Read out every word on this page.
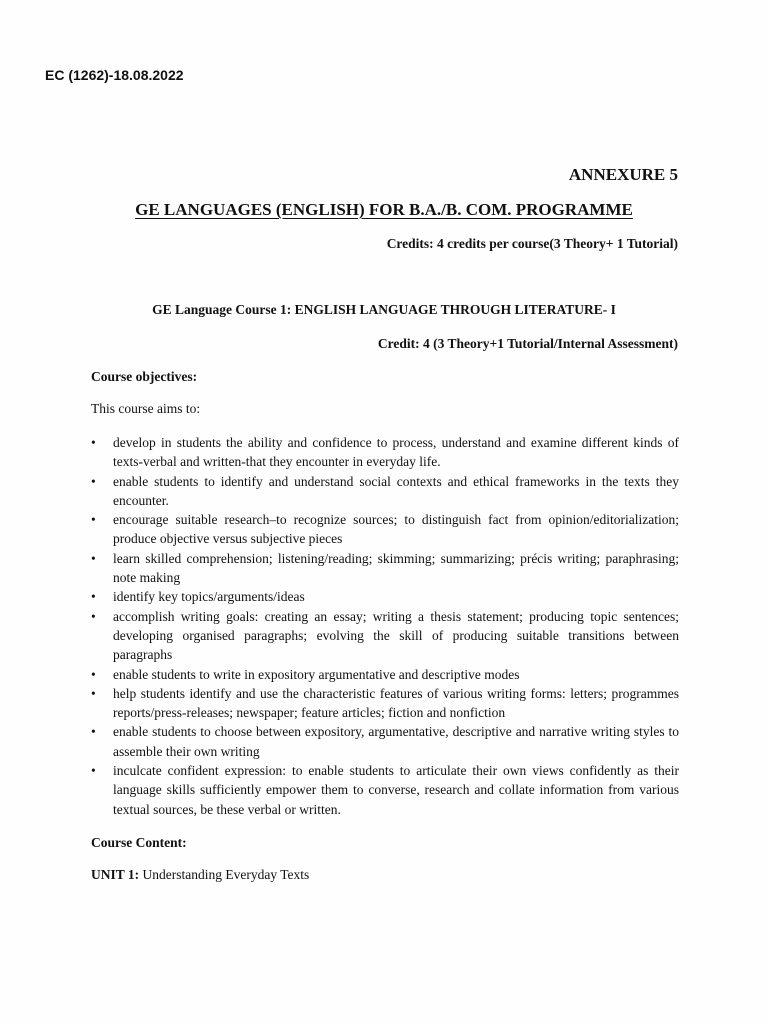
EC (1262)-18.08.2022
ANNEXURE 5
GE LANGUAGES (ENGLISH) FOR B.A./B. COM. PROGRAMME
Credits: 4 credits per course(3 Theory+ 1 Tutorial)
GE Language Course 1: ENGLISH LANGUAGE THROUGH LITERATURE- I
Credit: 4 (3 Theory+1 Tutorial/Internal Assessment)
Course objectives:
This course aims to:
• develop in students the ability and confidence to process, understand and examine different kinds of texts-verbal and written-that they encounter in everyday life.
• enable students to identify and understand social contexts and ethical frameworks in the texts they encounter.
• encourage suitable research–to recognize sources; to distinguish fact from opinion/editorialization; produce objective versus subjective pieces
• learn skilled comprehension; listening/reading; skimming; summarizing; précis writing; paraphrasing; note making
• identify key topics/arguments/ideas
• accomplish writing goals: creating an essay; writing a thesis statement; producing topic sentences; developing organised paragraphs; evolving the skill of producing suitable transitions between paragraphs
• enable students to write in expository argumentative and descriptive modes
• help students identify and use the characteristic features of various writing forms: letters; programmes reports/press-releases; newspaper; feature articles; fiction and nonfiction
• enable students to choose between expository, argumentative, descriptive and narrative writing styles to assemble their own writing
• inculcate confident expression: to enable students to articulate their own views confidently as their language skills sufficiently empower them to converse, research and collate information from various textual sources, be these verbal or written.
Course Content:
UNIT 1: Understanding Everyday Texts
